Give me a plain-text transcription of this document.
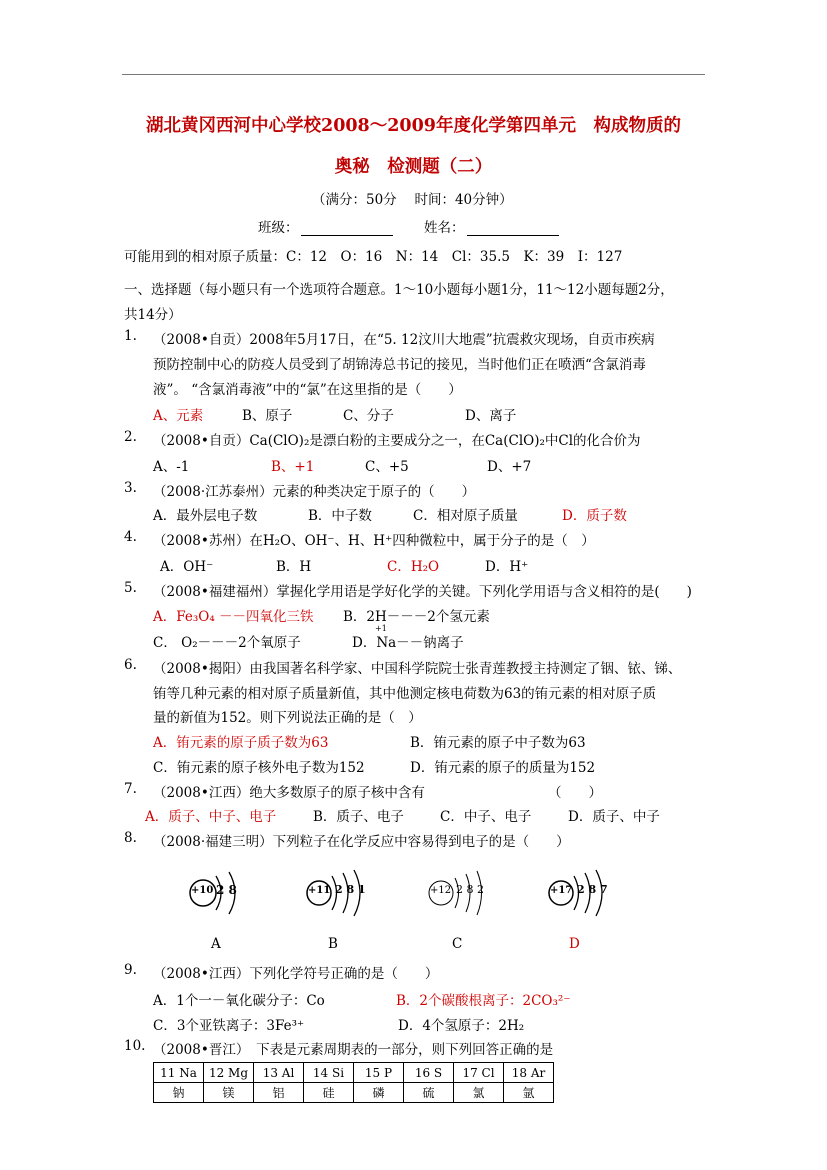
湖北黄冈西河中心学校2008～2009年度化学第四单元　构成物质的
奥秘　检测题（二）
（满分：50分　 时间：40分钟）
班级：	姓名：
可能用到的相对原子质量：C：12　O：16　N：14　Cl：35.5　K：39　I：127
一、选择题（每小题只有一个选项符合题意。1～10小题每小题1分，11～12小题每题2分，
共14分）
1. （2008•自贡）2008年5月17日，在“5. 12汶川大地震”抗震救灾现场，自贡市疾病
预防控制中心的防疫人员受到了胡锦涛总书记的接见，当时他们正在喷洒“含氯消毒
液”。 “含氯消毒液”中的“氯”在这里指的是（　　）
A、元素	B、原子	C、分子	D、离子
2. （2008•自贡）Ca(ClO)₂是漂白粉的主要成分之一，在Ca(ClO)₂中Cl的化合价为
A、-1	B、+1	C、+5	D、+7
3. （2008·江苏泰州）元素的种类决定于原子的（　　）
A．最外层电子数	B．中子数	C．相对原子质量	D．质子数
4. （2008•苏州）在H₂O、OH⁻、H、H⁺四种微粒中，属于分子的是（　）
A．OH⁻	B．H	C．H₂O	D．H⁺
5. （2008•福建福州）掌握化学用语是学好化学的关键。下列化学用语与含义相符的是(　　)
A．Fe₃O₄ －－四氧化三铁 B．2H－－－2个氢元素
C． O₂－－－2个氧原子
+1
D．Na－－钠离子
6. （2008•揭阳）由我国著名科学家、中国科学院院士张青莲教授主持测定了铟、铱、锑、
铕等几种元素的相对原子质量新值，其中他测定核电荷数为63的铕元素的相对原子质
量的新值为152。则下列说法正确的是（　）
A．铕元素的原子质子数为63	B．铕元素的原子中子数为63
C．铕元素的原子核外电子数为152	D．铕元素的原子的质量为152
7. （2008•江西）绝大多数原子的原子核中含有	（　　）
A．质子、中子、电子	B．质子、电子	C．中子、电子	D．质子、中子
8. （2008·福建三明）下列粒子在化学反应中容易得到电子的是（　　）
+10 2 8	+11 2 8 1	+12 2 8 2	+17 2 8 7
A	B	C	D
9. （2008•江西）下列化学符号正确的是（　　）
A．1个一－氧化碳分子：Co	B．2个碳酸根离子：2CO₃²⁻
C．3个亚铁离子：3Fe³⁺	D．4个氢原子：2H₂
10. （2008•晋江）　下表是元素周期表的一部分，则下列回答正确的是
11 Na	12 Mg	13 Al	14 Si	15 P	16 S	17 Cl	18 Ar
钠	镁	铝	硅	磷	硫	氯	氩
